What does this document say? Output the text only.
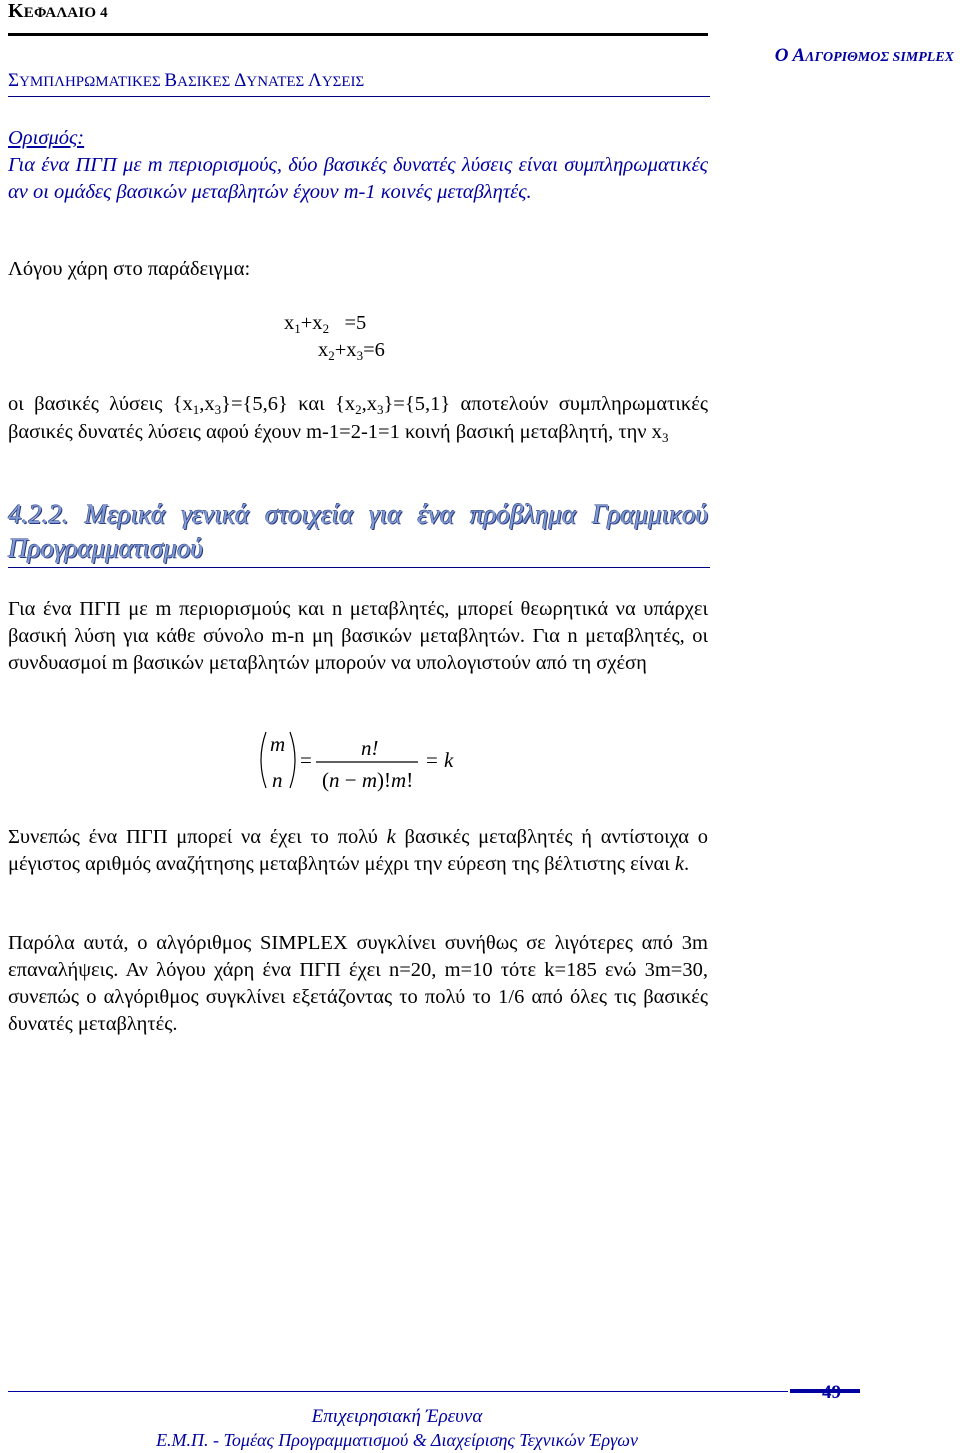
ΚΕΦΑΛΑΙΟ 4
Ο ΑΛΓΟΡΙΘΜΟΣ SIMPLEX
ΣΥΜΠΛΗΡΩΜΑΤΙΚΕΣ ΒΑΣΙΚΕΣ ΔΥΝΑΤΕΣ ΛΥΣΕΙΣ
Ορισμός:
Για ένα ΠΓΠ με m περιορισμούς, δύο βασικές δυνατές λύσεις είναι συμπληρωματικές αν οι ομάδες βασικών μεταβλητών έχουν m-1 κοινές μεταβλητές.
Λόγου χάρη στο παράδειγμα:
$x_1+x_2 =5$
$x_2+x_3=6$
οι βασικές λύσεις $\{x_1,x_3\}=\{5,6\}$ και $\{x_2,x_3\}=\{5,1\}$ αποτελούν συμπληρωματικές βασικές δυνατές λύσεις αφού έχουν m-1=2-1=1 κοινή βασική μεταβλητή, την $x_3$
4.2.2. Μερικά γενικά στοιχεία για ένα πρόβλημα Γραμμικού Προγραμματισμού
Για ένα ΠΓΠ με m περιορισμούς και n μεταβλητές, μπορεί θεωρητικά να υπάρχει βασική λύση για κάθε σύνολο m-n μη βασικών μεταβλητών. Για n μεταβλητές, οι συνδυασμοί m βασικών μεταβλητών μπορούν να υπολογιστούν από τη σχέση
m
n
= n!
(n − m)!m!
= k
Συνεπώς ένα ΠΓΠ μπορεί να έχει το πολύ k βασικές μεταβλητές ή αντίστοιχα ο μέγιστος αριθμός αναζήτησης μεταβλητών μέχρι την εύρεση της βέλτιστης είναι k.
Παρόλα αυτά, ο αλγόριθμος SIMPLEX συγκλίνει συνήθως σε λιγότερες από 3m επαναλήψεις. Αν λόγου χάρη ένα ΠΓΠ έχει n=20, m=10 τότε k=185 ενώ 3m=30, συνεπώς ο αλγόριθμος συγκλίνει εξετάζοντας το πολύ το 1/6 από όλες τις βασικές δυνατές μεταβλητές.
49
Επιχειρησιακή Έρευνα
Ε.Μ.Π. - Τομέας Προγραμματισμού & Διαχείρισης Τεχνικών Έργων
